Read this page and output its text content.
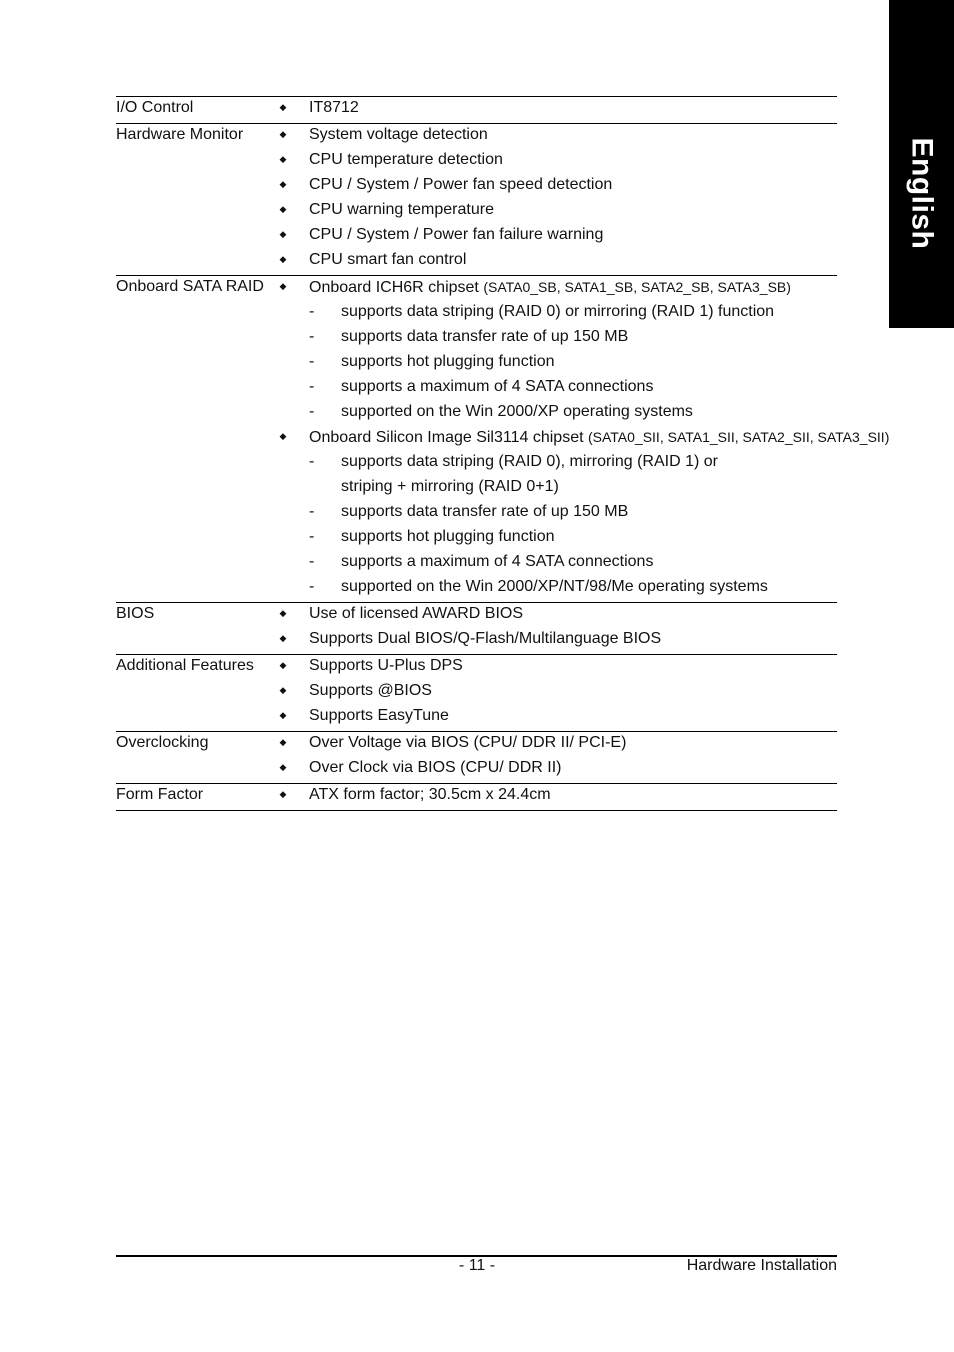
English
I/O Control	◆ IT8712
Hardware Monitor	◆ System voltage detection
◆ CPU temperature detection
◆ CPU / System / Power fan speed detection
◆ CPU warning temperature
◆ CPU / System / Power fan failure warning
◆ CPU smart fan control
Onboard SATA RAID ◆ Onboard ICH6R chipset (SATA0_SB, SATA1_SB, SATA2_SB, SATA3_SB)
- supports data striping (RAID 0) or mirroring (RAID 1) function
- supports data transfer rate of up 150 MB
- supports hot plugging function
- supports a maximum of 4 SATA connections
- supported on the Win 2000/XP operating systems
◆ Onboard Silicon Image Sil3114 chipset (SATA0_SII, SATA1_SII, SATA2_SII, SATA3_SII)
- supports data striping (RAID 0), mirroring (RAID 1) or
striping + mirroring (RAID 0+1)
- supports data transfer rate of up 150 MB
- supports hot plugging function
- supports a maximum of 4 SATA connections
- supported on the Win 2000/XP/NT/98/Me operating systems
BIOS	◆ Use of licensed AWARD BIOS
◆ Supports Dual BIOS/Q-Flash/Multilanguage BIOS
Additional Features	◆ Supports U-Plus DPS
◆ Supports @BIOS
◆ Supports EasyTune
Overclocking	◆ Over Voltage via BIOS (CPU/ DDR II/ PCI-E)
◆ Over Clock via BIOS (CPU/ DDR II)
Form Factor	◆ ATX form factor; 30.5cm x 24.4cm
- 11 -	Hardware Installation
